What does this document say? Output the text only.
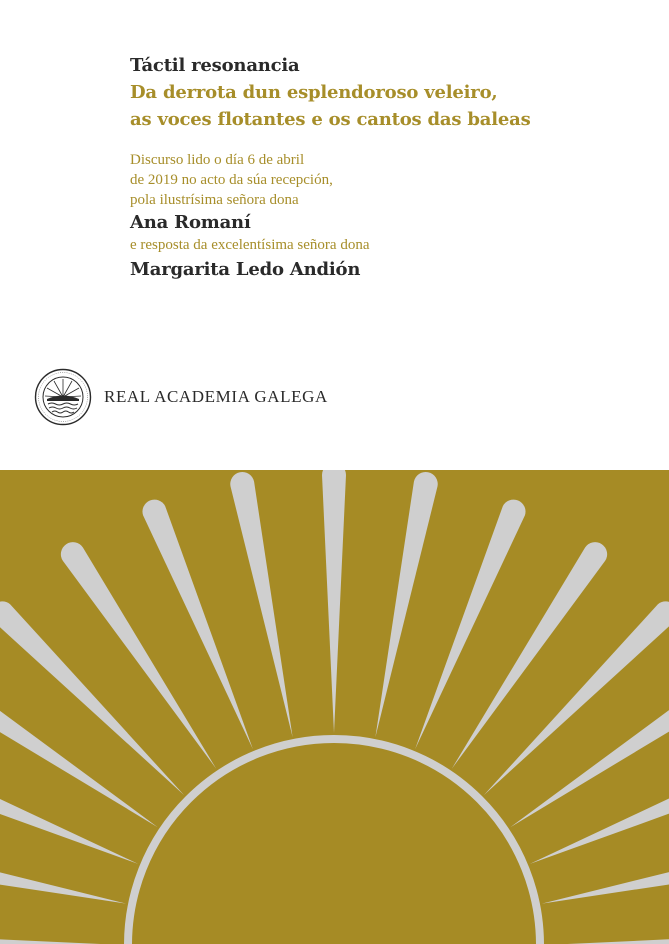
Táctil resonancia
Da derrota dun esplendoroso veleiro,
as voces flotantes e os cantos das baleas
Discurso lido o día 6 de abril
de 2019 no acto da súa recepción,
pola ilustrísima señora dona
Ana Romaní
e resposta da excelentísima señora dona
Margarita Ledo Andión
REAL ACADEMIA GALEGA
